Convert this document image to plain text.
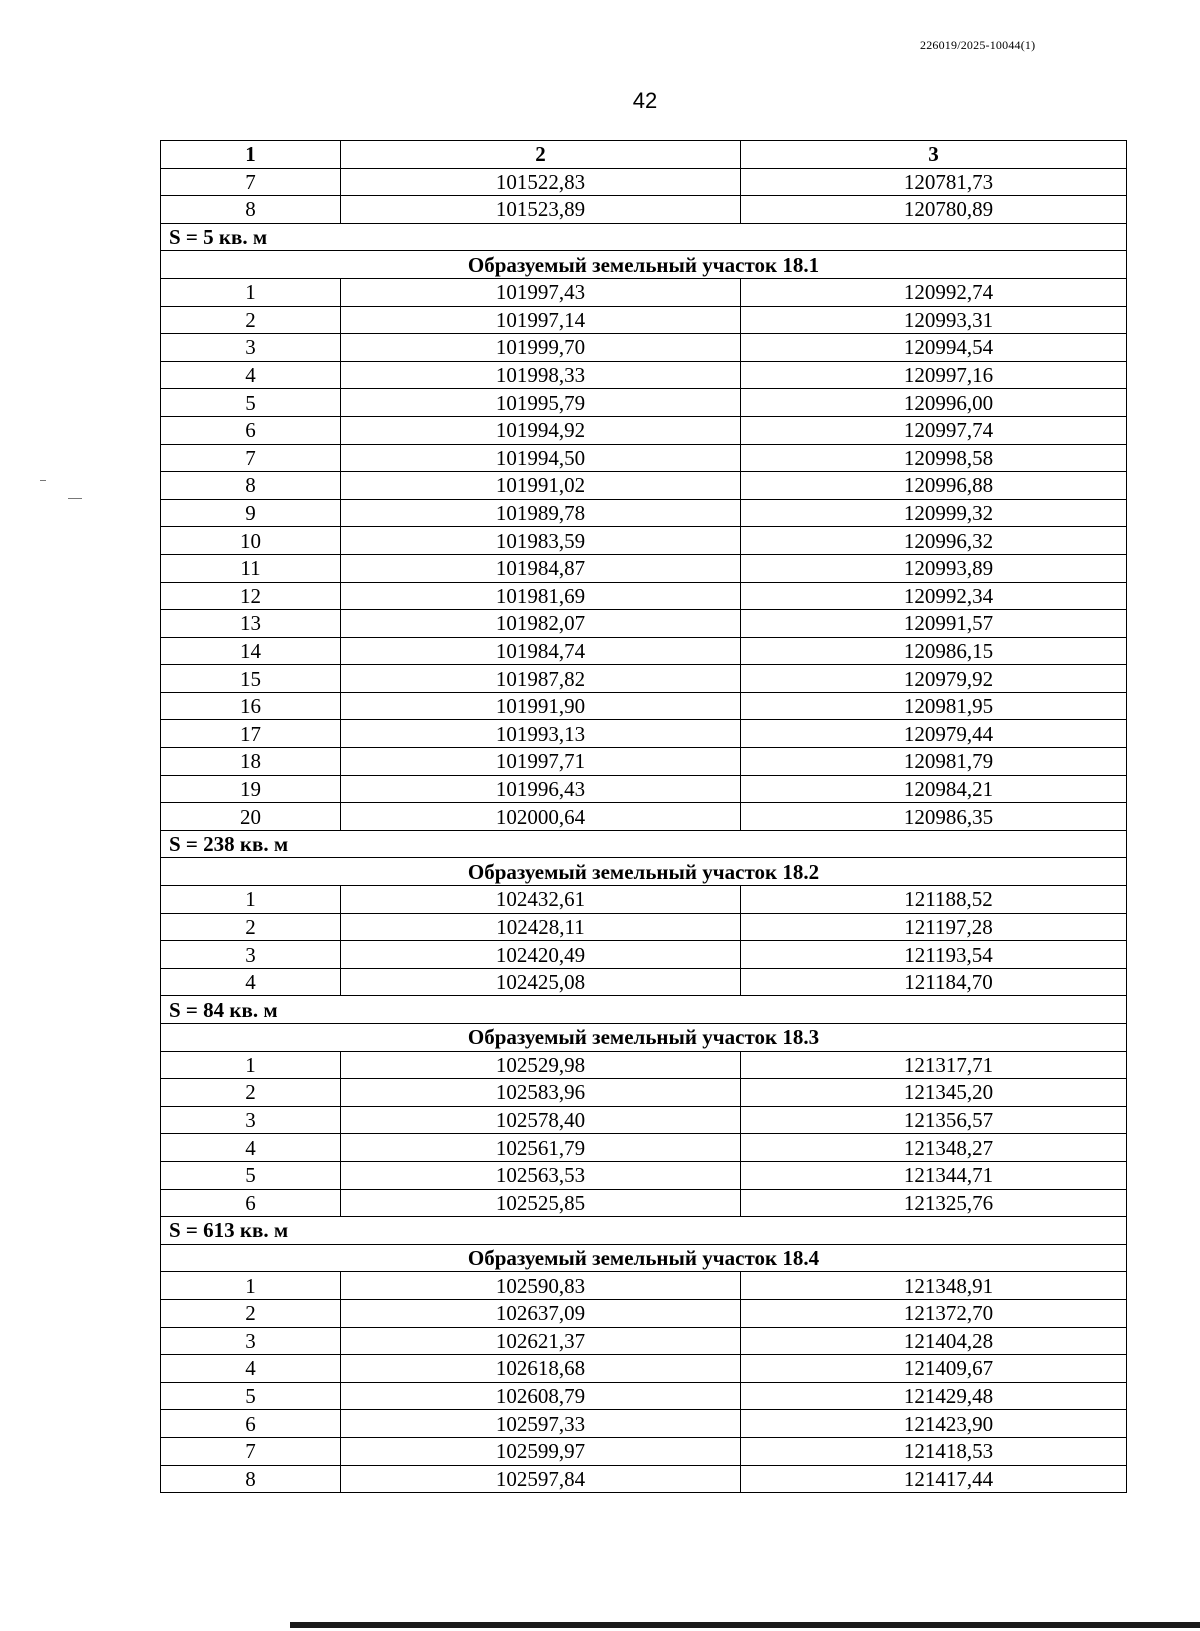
226019/2025-10044(1)
42
1	2	3
7	101522,83	120781,73
8	101523,89	120780,89
S = 5 кв. м		
Образуемый земельный участок 18.1		
1	101997,43	120992,74
2	101997,14	120993,31
3	101999,70	120994,54
4	101998,33	120997,16
5	101995,79	120996,00
6	101994,92	120997,74
7	101994,50	120998,58
8	101991,02	120996,88
9	101989,78	120999,32
10	101983,59	120996,32
11	101984,87	120993,89
12	101981,69	120992,34
13	101982,07	120991,57
14	101984,74	120986,15
15	101987,82	120979,92
16	101991,90	120981,95
17	101993,13	120979,44
18	101997,71	120981,79
19	101996,43	120984,21
20	102000,64	120986,35
S = 238 кв. м		
Образуемый земельный участок 18.2		
1	102432,61	121188,52
2	102428,11	121197,28
3	102420,49	121193,54
4	102425,08	121184,70
S = 84 кв. м		
Образуемый земельный участок 18.3		
1	102529,98	121317,71
2	102583,96	121345,20
3	102578,40	121356,57
4	102561,79	121348,27
5	102563,53	121344,71
6	102525,85	121325,76
S = 613 кв. м		
Образуемый земельный участок 18.4		
1	102590,83	121348,91
2	102637,09	121372,70
3	102621,37	121404,28
4	102618,68	121409,67
5	102608,79	121429,48
6	102597,33	121423,90
7	102599,97	121418,53
8	102597,84	121417,44
